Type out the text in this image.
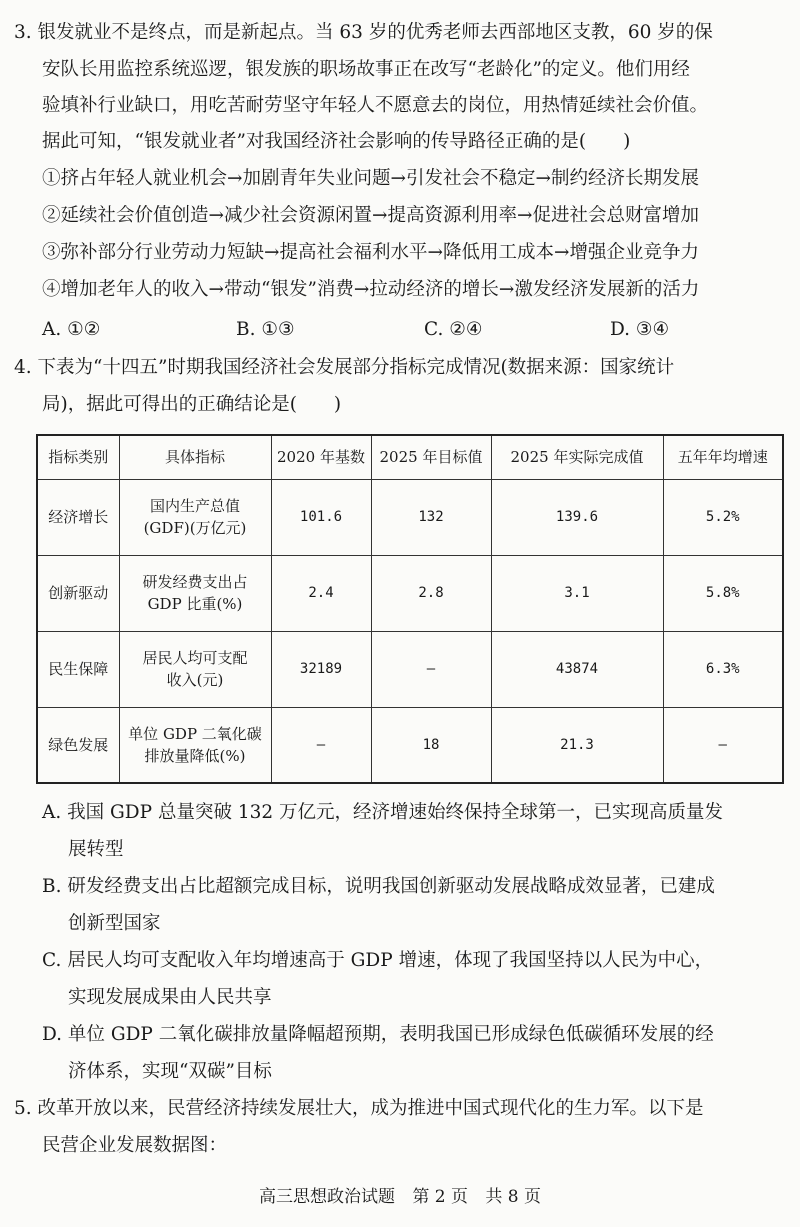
3. 银发就业不是终点，而是新起点。当 63 岁的优秀老师去西部地区支教，60 岁的保
安队长用监控系统巡逻，银发族的职场故事正在改写“老龄化”的定义。他们用经
验填补行业缺口，用吃苦耐劳坚守年轻人不愿意去的岗位，用热情延续社会价值。
据此可知，“银发就业者”对我国经济社会影响的传导路径正确的是(　　)
①挤占年轻人就业机会→加剧青年失业问题→引发社会不稳定→制约经济长期发展
②延续社会价值创造→减少社会资源闲置→提高资源利用率→促进社会总财富增加
③弥补部分行业劳动力短缺→提高社会福利水平→降低用工成本→增强企业竞争力
④增加老年人的收入→带动“银发”消费→拉动经济的增长→激发经济发展新的活力
A. ①②	B. ①③	C. ②④	D. ③④
4. 下表为“十四五”时期我国经济社会发展部分指标完成情况(数据来源：国家统计
局)，据此可得出的正确结论是(　　)
指标类别	具体指标	2020 年基数	2025 年目标值	2025 年实际完成值	五年年均增速
经济增长	国内生产总值
(GDF)(万亿元)	101.6	132	139.6	5.2%
创新驱动	研发经费支出占
GDP 比重(%)	2.4	2.8	3.1	5.8%
民生保障	居民人均可支配
收入(元)	32189	—	43874	6.3%
绿色发展	单位 GDP 二氧化碳
排放量降低(%)	—	18	21.3	—
A. 我国 GDP 总量突破 132 万亿元，经济增速始终保持全球第一，已实现高质量发
展转型
B. 研发经费支出占比超额完成目标，说明我国创新驱动发展战略成效显著，已建成
创新型国家
C. 居民人均可支配收入年均增速高于 GDP 增速，体现了我国坚持以人民为中心，
实现发展成果由人民共享
D. 单位 GDP 二氧化碳排放量降幅超预期，表明我国已形成绿色低碳循环发展的经
济体系，实现“双碳”目标
5. 改革开放以来，民营经济持续发展壮大，成为推进中国式现代化的生力军。以下是
民营企业发展数据图：
高三思想政治试题 第 2 页 共 8 页
